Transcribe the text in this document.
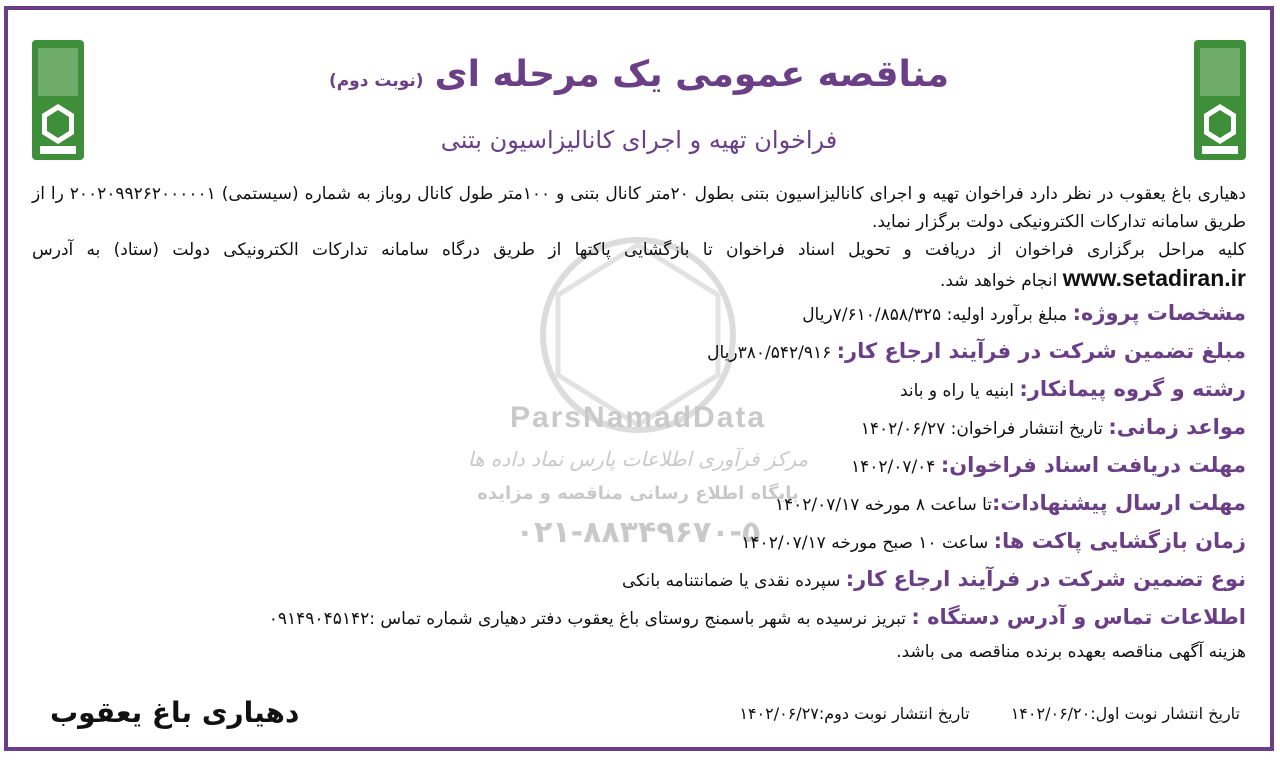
ParsNamadData
مرکز فرآوری اطلاعات پارس نماد داده ها
پایگاه اطلاع رسانی مناقصه و مزایده
۰۲۱-۸۸۳۴۹۶۷۰-۵
مناقصه عمومی یک مرحله ای (نوبت دوم)
فراخوان تهیه و اجرای کانالیزاسیون بتنی

دهیاری باغ یعقوب در نظر دارد فراخوان تهیه و اجرای کانالیزاسیون بتنی بطول ۲۰متر کانال بتنی و ۱۰۰متر طول کانال روباز به شماره (سیستمی) ۲۰۰۲۰۹۹۲۶۲۰۰۰۰۰۱ را از طریق سامانه تدارکات الکترونیکی دولت برگزار نماید.

کلیه مراحل برگزاری فراخوان از دریافت و تحویل اسناد فراخوان تا بازگشایی پاکتها از طریق درگاه سامانه تدارکات الکترونیکی دولت (ستاد) به آدرس www.setadiran.ir انجام خواهد شد.

مشخصات پروژه: مبلغ برآورد اولیه: ۷/۶۱۰/۸۵۸/۳۲۵ریال

مبلغ تضمین شرکت در فرآیند ارجاع کار: ۳۸۰/۵۴۲/۹۱۶ریال

رشته و گروه پیمانکار: ابنیه یا راه و باند

مواعد زمانی: تاریخ انتشار فراخوان: ۱۴۰۲/۰۶/۲۷

مهلت دریافت اسناد فراخوان: ۱۴۰۲/۰۷/۰۴

مهلت ارسال پیشنهادات:تا ساعت ۸ مورخه ۱۴۰۲/۰۷/۱۷

زمان بازگشایی پاکت ها: ساعت ۱۰ صبح مورخه ۱۴۰۲/۰۷/۱۷

نوع تضمین شرکت در فرآیند ارجاع کار: سپرده نقدی یا ضمانتنامه بانکی

اطلاعات تماس و آدرس دستگاه : تبریز نرسیده به شهر باسمنج روستای باغ یعقوب دفتر دهیاری شماره تماس :۰۹۱۴۹۰۴۵۱۴۲

هزینه آگهی مناقصه بعهده برنده مناقصه می باشد.

تاریخ انتشار نوبت اول:۱۴۰۲/۰۶/۲۰ تاریخ انتشار نوبت دوم:۱۴۰۲/۰۶/۲۷
دهیاری باغ یعقوب
